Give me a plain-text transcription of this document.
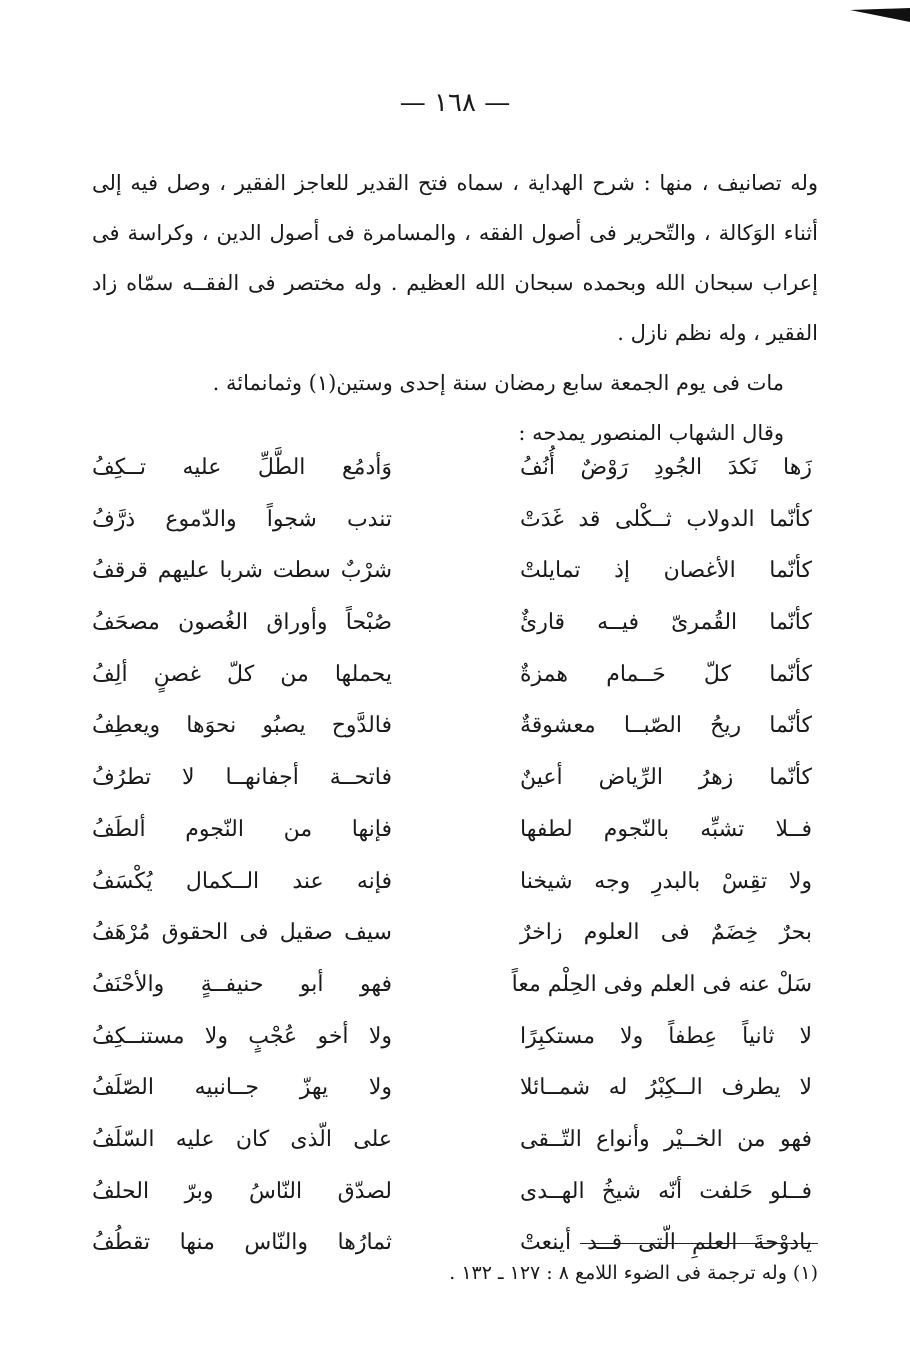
— ١٦٨ —

وله تصانيف ، منها : شرح الهداية ، سماه فتح القدير للعاجز الفقير ، وصل فيه إلى أثناء الوَكالة ، والتّحرير فى أصول الفقه ، والمسامرة فى أصول الدين ، وكراسة فى إعراب سبحان الله وبحمده سبحان الله العظيم . وله مختصر فى الفقــه سمّاه زاد الفقير ، وله نظم نازل .

مات فى يوم الجمعة سابع رمضان سنة إحدى وستين(١) وثمانمائة .

وقال الشهاب المنصور يمدحه :

زَها نَكدَ الجُودِ رَوْضٌ أُنُفُ
وَأدمُع الطَّلِّ عليه تــكِفُ
كأنّما الدولاب ثــكْلى قد غَدَتْ
تندب شجواً والدّموع ذرَّفُ
كأنّما الأغصان إذ تمايلتْ
شرْبٌ سطت شربا عليهم قرقفُ
كأنّما القُمرىّ فيــه قارئٌ
صُبْحاً وأوراق الغُصون مصحَفُ
كأنّما كلّ حَــمام همزةٌ
يحملها من كلّ غصنٍ ألِفُ
كأنّما ريحُ الصّبــا معشوقةٌ
فالدَّوح يصبُو نحوَها ويعطِفُ
كأنّما زهرُ الرِّياض أعينٌ
فاتحــة أجفانهــا لا تطرُفُ
فــلا تشبِّه بالنّجوم لطفها
فإنها من النّجوم ألطَفُ
ولا تقِسْ بالبدرِ وجه شيخنا
فإنه عند الــكمال يُكْسَفُ
بحرٌ خِضَمٌ فى العلوم زاخرٌ
سيف صقيل فى الحقوق مُرْهَفُ
سَلْ عنه فى العلم وفى الحِلْم معاً
فهو أبو حنيفــةٍ والأحْنَفُ
لا ثانياً عِطفاً ولا مستكبِرًا
ولا أخو عُجْبٍ ولا مستنــكِفُ
لا يطرف الــكِبْرُ له شمــائلا
ولا يهزّ جــانبيه الصّلَفُ
فهو من الخــيْر وأنواع التّــقى
على الّذى كان عليه السّلَفُ
فــلو حَلفت أنّه شيخُ الهــدى
لصدّق النّاسُ وبرّ الحلفُ
يادوْحةَ العلمِ الّتى قــد أينعتْ
ثمارُها والنّاس منها تقطُفُ
(١) وله ترجمة فى الضوء اللامع ٨ : ١٢٧ ـ ١٣٢ .
